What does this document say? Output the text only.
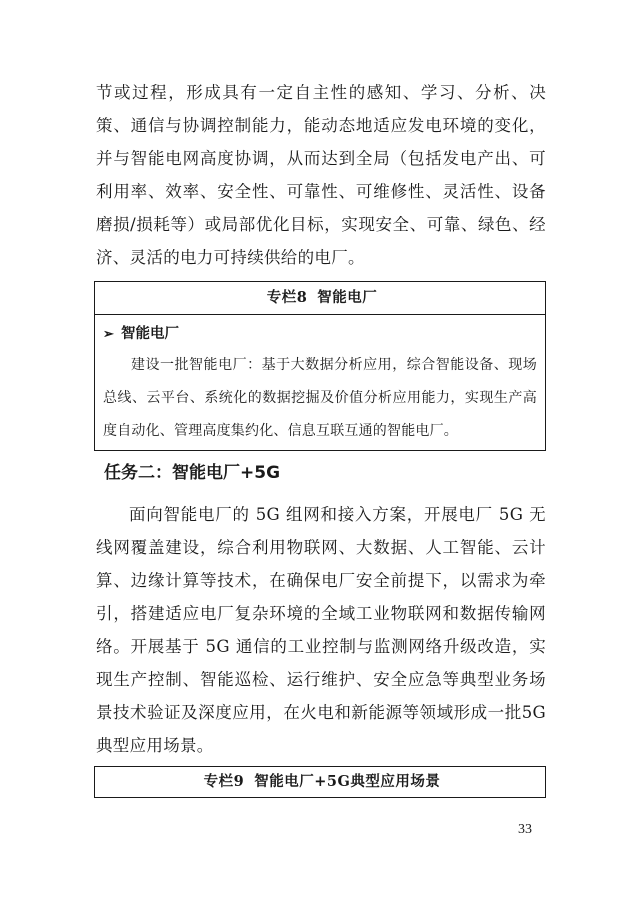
节或过程，形成具有一定自主性的感知、学习、分析、决策、通信与协调控制能力，能动态地适应发电环境的变化，并与智能电网高度协调，从而达到全局（包括发电产出、可利用率、效率、安全性、可靠性、可维修性、灵活性、设备磨损/损耗等）或局部优化目标，实现安全、可靠、绿色、经济、灵活的电力可持续供给的电厂。

专栏8 智能电厂
➢ 智能电厂

建设一批智能电厂：基于大数据分析应用，综合智能设备、现场总线、云平台、系统化的数据挖掘及价值分析应用能力，实现生产高度自动化、管理高度集约化、信息互联互通的智能电厂。

任务二：智能电厂+5G

面向智能电厂的 5G 组网和接入方案，开展电厂 5G 无线网覆盖建设，综合利用物联网、大数据、人工智能、云计算、边缘计算等技术，在确保电厂安全前提下，以需求为牵引，搭建适应电厂复杂环境的全域工业物联网和数据传输网络。开展基于 5G 通信的工业控制与监测网络升级改造，实现生产控制、智能巡检、运行维护、安全应急等典型业务场景技术验证及深度应用，在火电和新能源等领域形成一批5G 典型应用场景。

专栏9 智能电厂+5G典型应用场景
33
